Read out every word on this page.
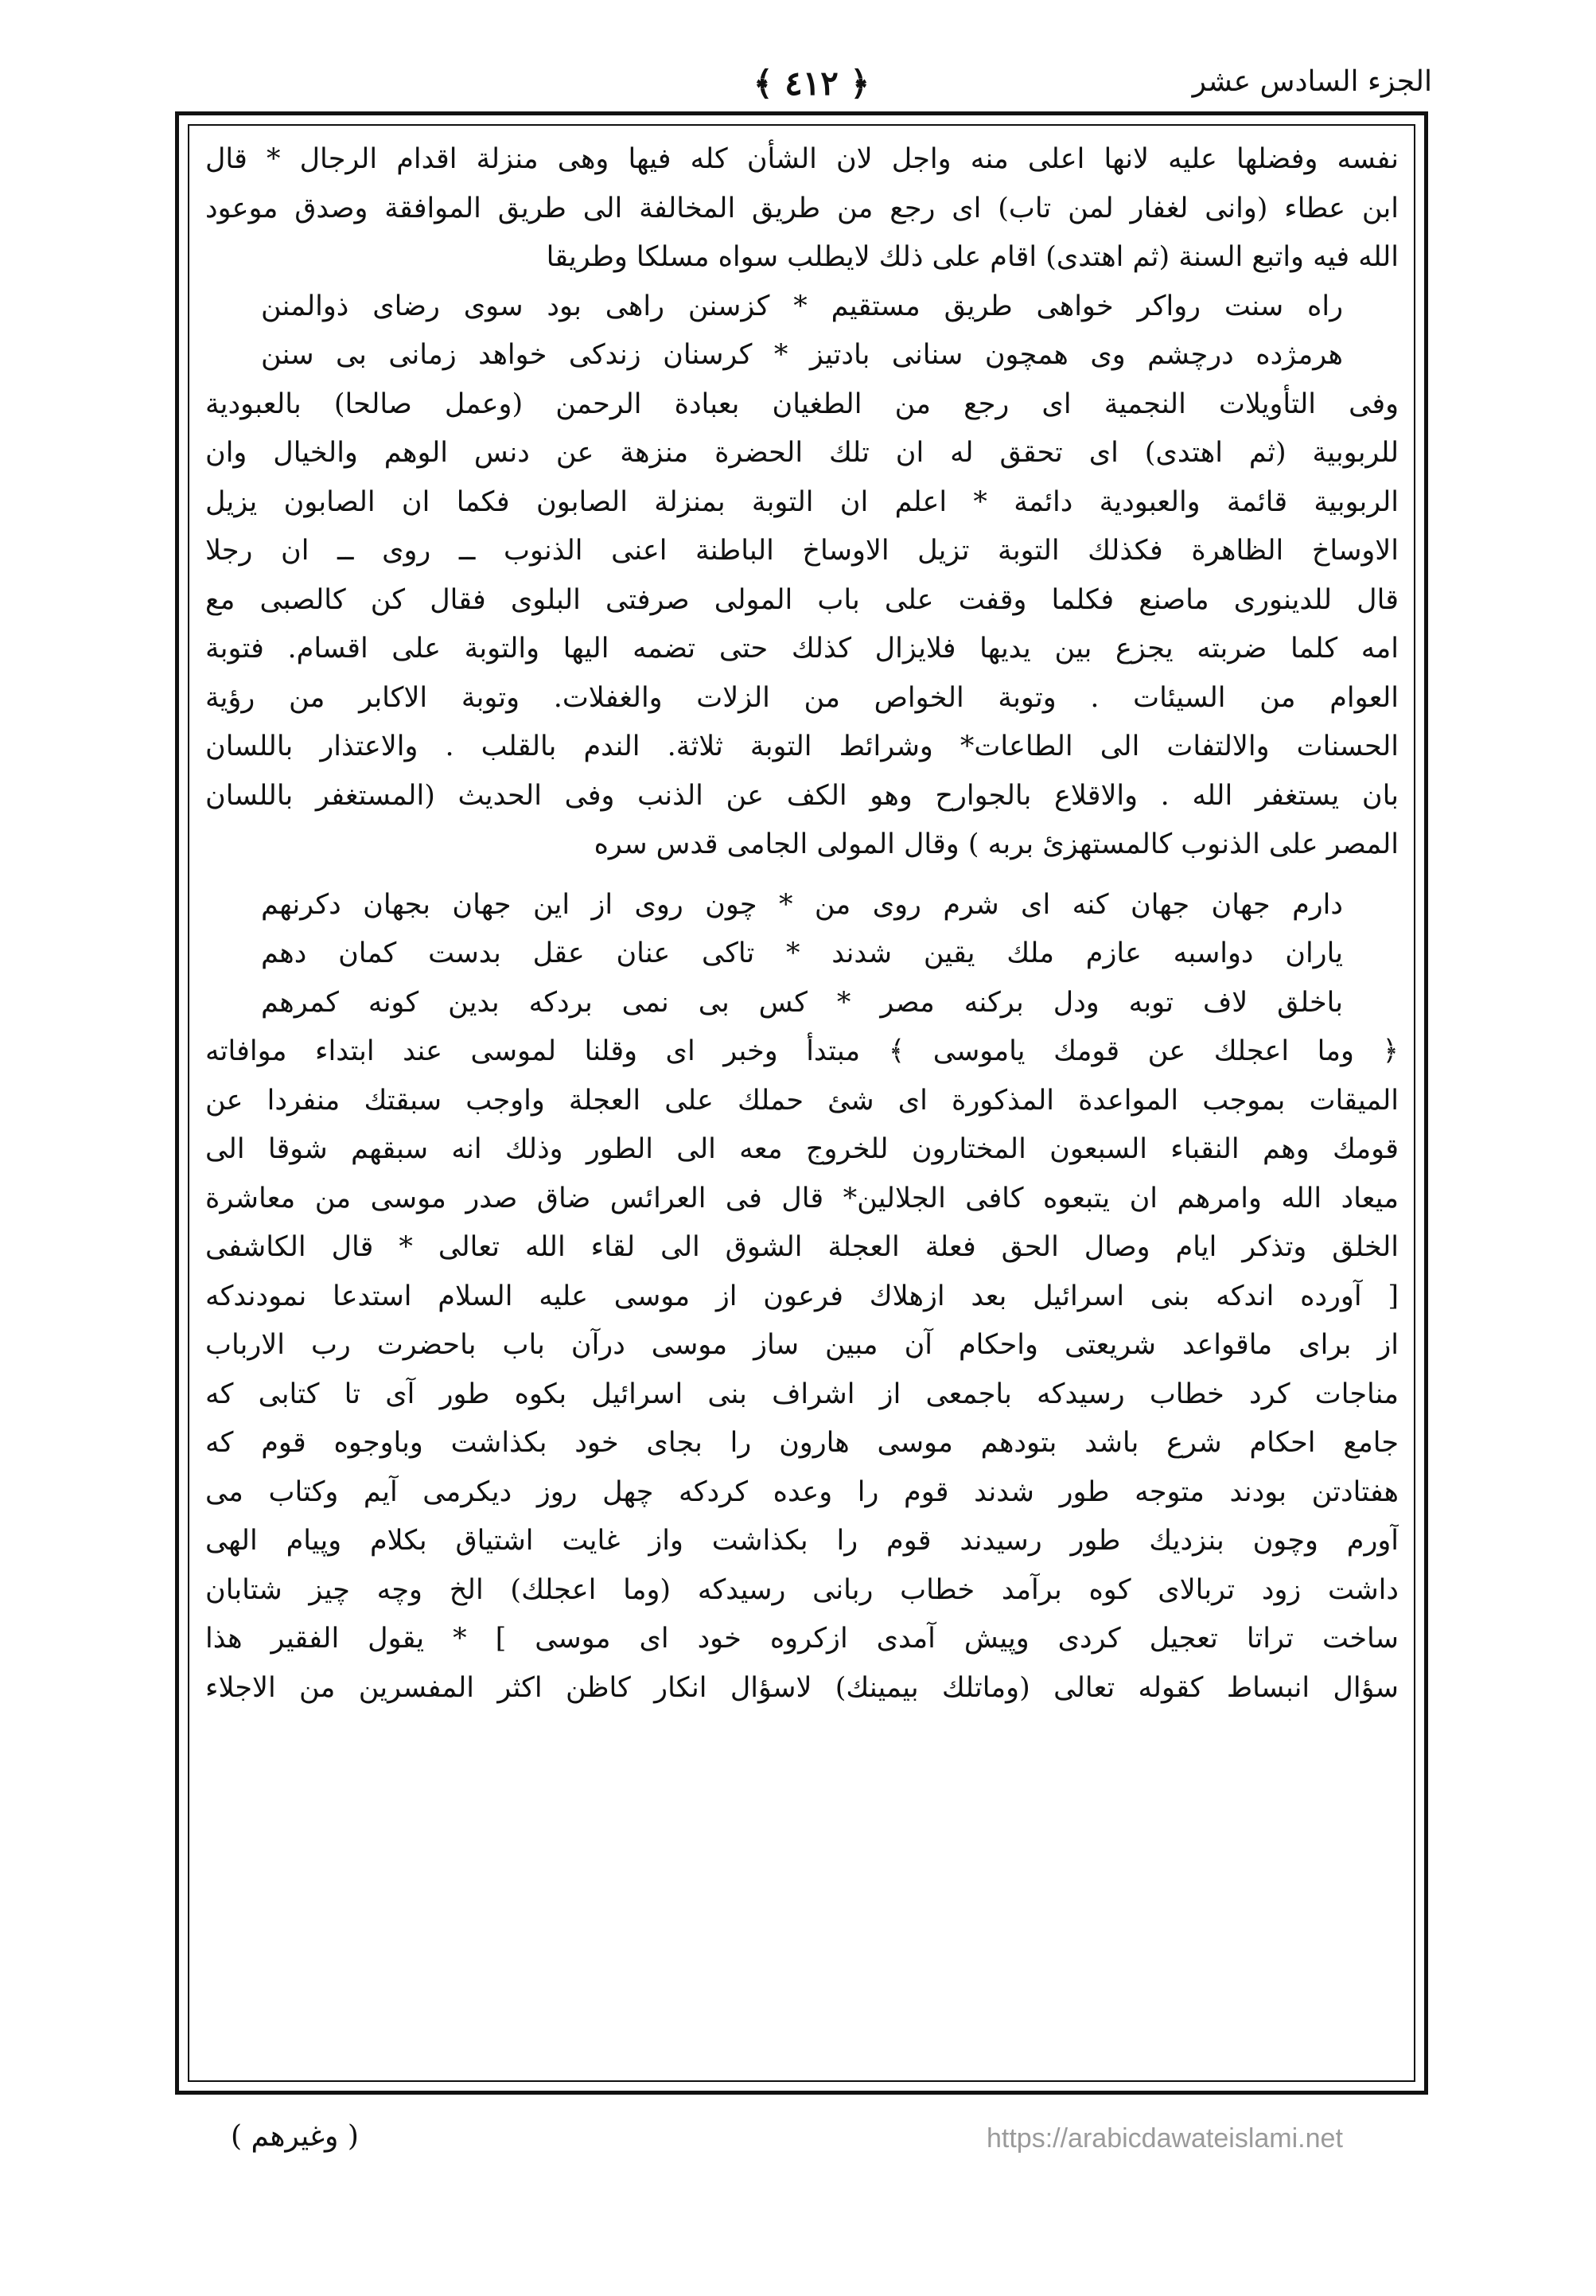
الجزء السادس عشر
﴿ ٤١٢ ﴾
نفسه وفضلها عليه لانها اعلى منه واجل لان الشأن كله فيها وهى منزلة اقدام الرجال * قال
ابن عطاء (وانى لغفار لمن تاب) اى رجع من طريق المخالفة الى طريق الموافقة وصدق موعود
الله فيه واتبع السنة (ثم اهتدى) اقام على ذلك لايطلب سواه مسلكا وطريقا
راه سنت رواكر خواهى طريق مستقيم * كزسنن راهى بود سوى رضاى ذوالمنن
هرمژده درچشم وى همچون سنانى بادتيز * كرسنان زندكى خواهد زمانى بى سنن
وفى التأويلات النجمية اى رجع من الطغيان بعبادة الرحمن (وعمل صالحا) بالعبودية
للربوبية (ثم اهتدى) اى تحقق له ان تلك الحضرة منزهة عن دنس الوهم والخيال وان
الربوبية قائمة والعبودية دائمة * اعلم ان التوبة بمنزلة الصابون فكما ان الصابون يزيل
الاوساخ الظاهرة فكذلك التوبة تزيل الاوساخ الباطنة اعنى الذنوب ــ روى ــ ان رجلا
قال للدينورى ماصنع فكلما وقفت على باب المولى صرفتى البلوى فقال كن كالصبى مع
امه كلما ضربته يجزع بين يديها فلايزال كذلك حتى تضمه اليها والتوبة على اقسام. فتوبة
العوام من السيئات . وتوبة الخواص من الزلات والغفلات. وتوبة الاكابر من رؤية
الحسنات والالتفات الى الطاعات* وشرائط التوبة ثلاثة. الندم بالقلب . والاعتذار باللسان
بان يستغفر الله . والاقلاع بالجوارح وهو الكف عن الذنب وفى الحديث (المستغفر باللسان
المصر على الذنوب كالمستهزئ بربه ) وقال المولى الجامى قدس سره
دارم جهان جهان كنه اى شرم روى من * چون روى از اين جهان بجهان دكرنهم
ياران دواسبه عازم ملك يقين شدند * تاكى عنان عقل بدست كمان دهم
باخلق لاف توبه ودل بركنه مصر * كس بى نمى بردكه بدين كونه كمرهم
﴿ وما اعجلك عن قومك ياموسى ﴾ مبتدأ وخبر اى وقلنا لموسى عند ابتداء موافاته
الميقات بموجب المواعدة المذكورة اى شئ حملك على العجلة واوجب سبقتك منفردا عن
قومك وهم النقباء السبعون المختارون للخروج معه الى الطور وذلك انه سبقهم شوقا الى
ميعاد الله وامرهم ان يتبعوه كافى الجلالين* قال فى العرائس ضاق صدر موسى من معاشرة
الخلق وتذكر ايام وصال الحق فعلة العجلة الشوق الى لقاء الله تعالى * قال الكاشفى
[ آورده اندكه بنى اسرائيل بعد ازهلاك فرعون از موسى عليه السلام استدعا نمودندكه
از براى ماقواعد شريعتى واحكام آن مبين ساز موسى درآن باب باحضرت رب الارباب
مناجات كرد خطاب رسيدكه باجمعى از اشراف بنى اسرائيل بكوه طور آى تا كتابى كه
جامع احكام شرع باشد بتودهم موسى هارون را بجاى خود بكذاشت وباوجوه قوم كه
هفتادتن بودند متوجه طور شدند قوم را وعده كردكه چهل روز ديكرمى آيم وكتاب مى
آورم وچون بنزديك طور رسيدند قوم را بكذاشت واز غايت اشتياق بكلام وپيام الهى
داشت زود تربالاى كوه برآمد خطاب ربانى رسيدكه (وما اعجلك) الخ وچه چيز شتابان
ساخت تراتا تعجيل كردى وپيش آمدى ازكروه خود اى موسى ] * يقول الفقير هذا
سؤال انبساط كقوله تعالى (وماتلك بيمينك) لاسؤال انكار كاظن اكثر المفسرين من الاجلاء
( وغيرهم )	https://arabicdawateislami.net
